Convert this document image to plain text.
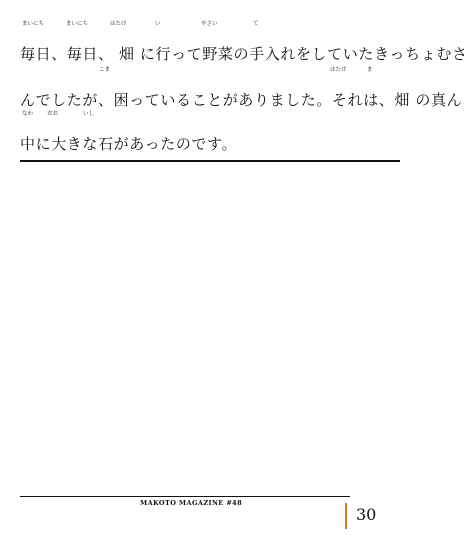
まいにち	まいにち	はたけ	い	やさい	て
毎日、毎日、 畑 に行って野菜の手入れをしていたきっちょむさ
こま	はたけ	ま
んでしたが、困っていることがありました。それは、畑 の真ん
なか	おお	いし
中に大きな石があったのです。
MAKOTO MAGAZINE #48
30
